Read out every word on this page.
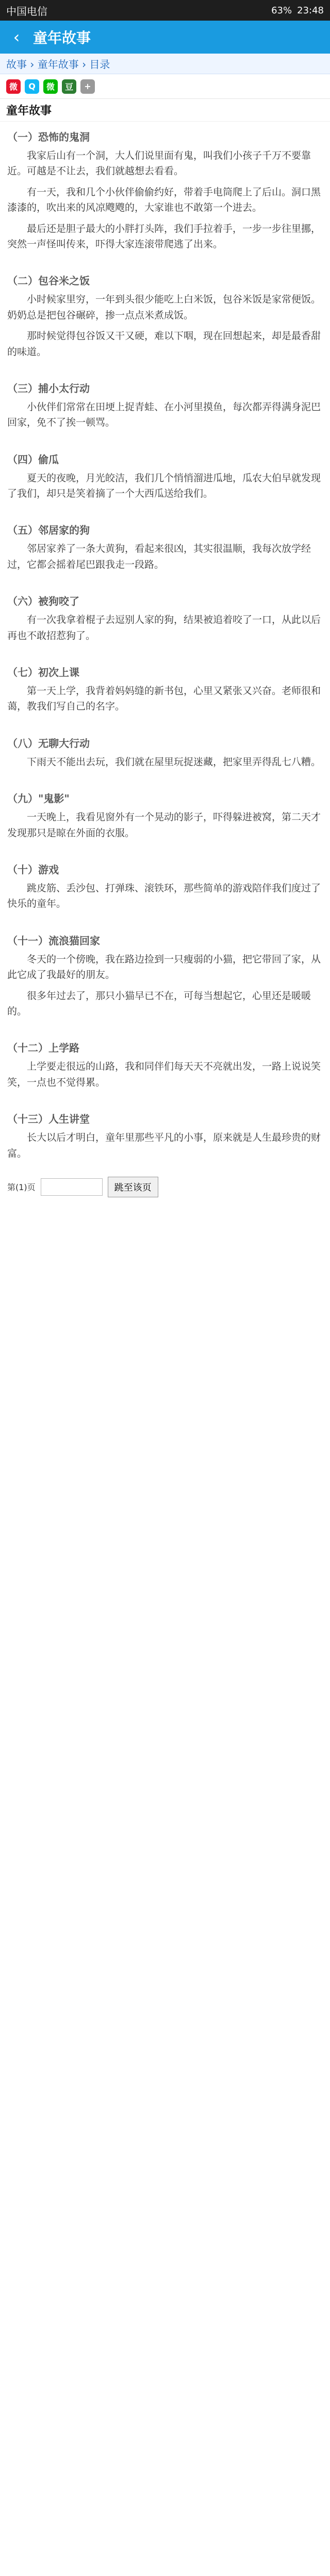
中国电信	63% 23:48
‹ 童年故事
故事 › 童年故事 › 目录
微	Q	微	豆	+
童年故事
（一）恐怖的鬼洞

我家后山有一个洞，大人们说里面有鬼，叫我们小孩子千万不要靠近。可越是不让去，我们就越想去看看。

有一天，我和几个小伙伴偷偷约好，带着手电筒爬上了后山。洞口黑漆漆的，吹出来的风凉飕飕的，大家谁也不敢第一个进去。

最后还是胆子最大的小胖打头阵，我们手拉着手，一步一步往里挪，突然一声怪叫传来，吓得大家连滚带爬逃了出来。

（二）包谷米之饭

小时候家里穷，一年到头很少能吃上白米饭，包谷米饭是家常便饭。奶奶总是把包谷碾碎，掺一点点米煮成饭。

那时候觉得包谷饭又干又硬，难以下咽，现在回想起来，却是最香甜的味道。

（三）捕小太行动

小伙伴们常常在田埂上捉青蛙、在小河里摸鱼，每次都弄得满身泥巴回家，免不了挨一顿骂。

（四）偷瓜

夏天的夜晚，月光皎洁，我们几个悄悄溜进瓜地，瓜农大伯早就发现了我们，却只是笑着摘了一个大西瓜送给我们。

（五）邻居家的狗

邻居家养了一条大黄狗，看起来很凶，其实很温顺，我每次放学经过，它都会摇着尾巴跟我走一段路。

（六）被狗咬了

有一次我拿着棍子去逗别人家的狗，结果被追着咬了一口，从此以后再也不敢招惹狗了。

（七）初次上课

第一天上学，我背着妈妈缝的新书包，心里又紧张又兴奋。老师很和蔼，教我们写自己的名字。

（八）无聊大行动

下雨天不能出去玩，我们就在屋里玩捉迷藏，把家里弄得乱七八糟。

（九）"鬼影"

一天晚上，我看见窗外有一个晃动的影子，吓得躲进被窝，第二天才发现那只是晾在外面的衣服。

（十）游戏

跳皮筋、丢沙包、打弹珠、滚铁环，那些简单的游戏陪伴我们度过了快乐的童年。

（十一）流浪猫回家

冬天的一个傍晚，我在路边捡到一只瘦弱的小猫，把它带回了家，从此它成了我最好的朋友。

很多年过去了，那只小猫早已不在，可每当想起它，心里还是暖暖的。

（十二）上学路

上学要走很远的山路，我和同伴们每天天不亮就出发，一路上说说笑笑，一点也不觉得累。

（十三）人生讲堂

长大以后才明白，童年里那些平凡的小事，原来就是人生最珍贵的财富。

第(1)页	跳至该页
